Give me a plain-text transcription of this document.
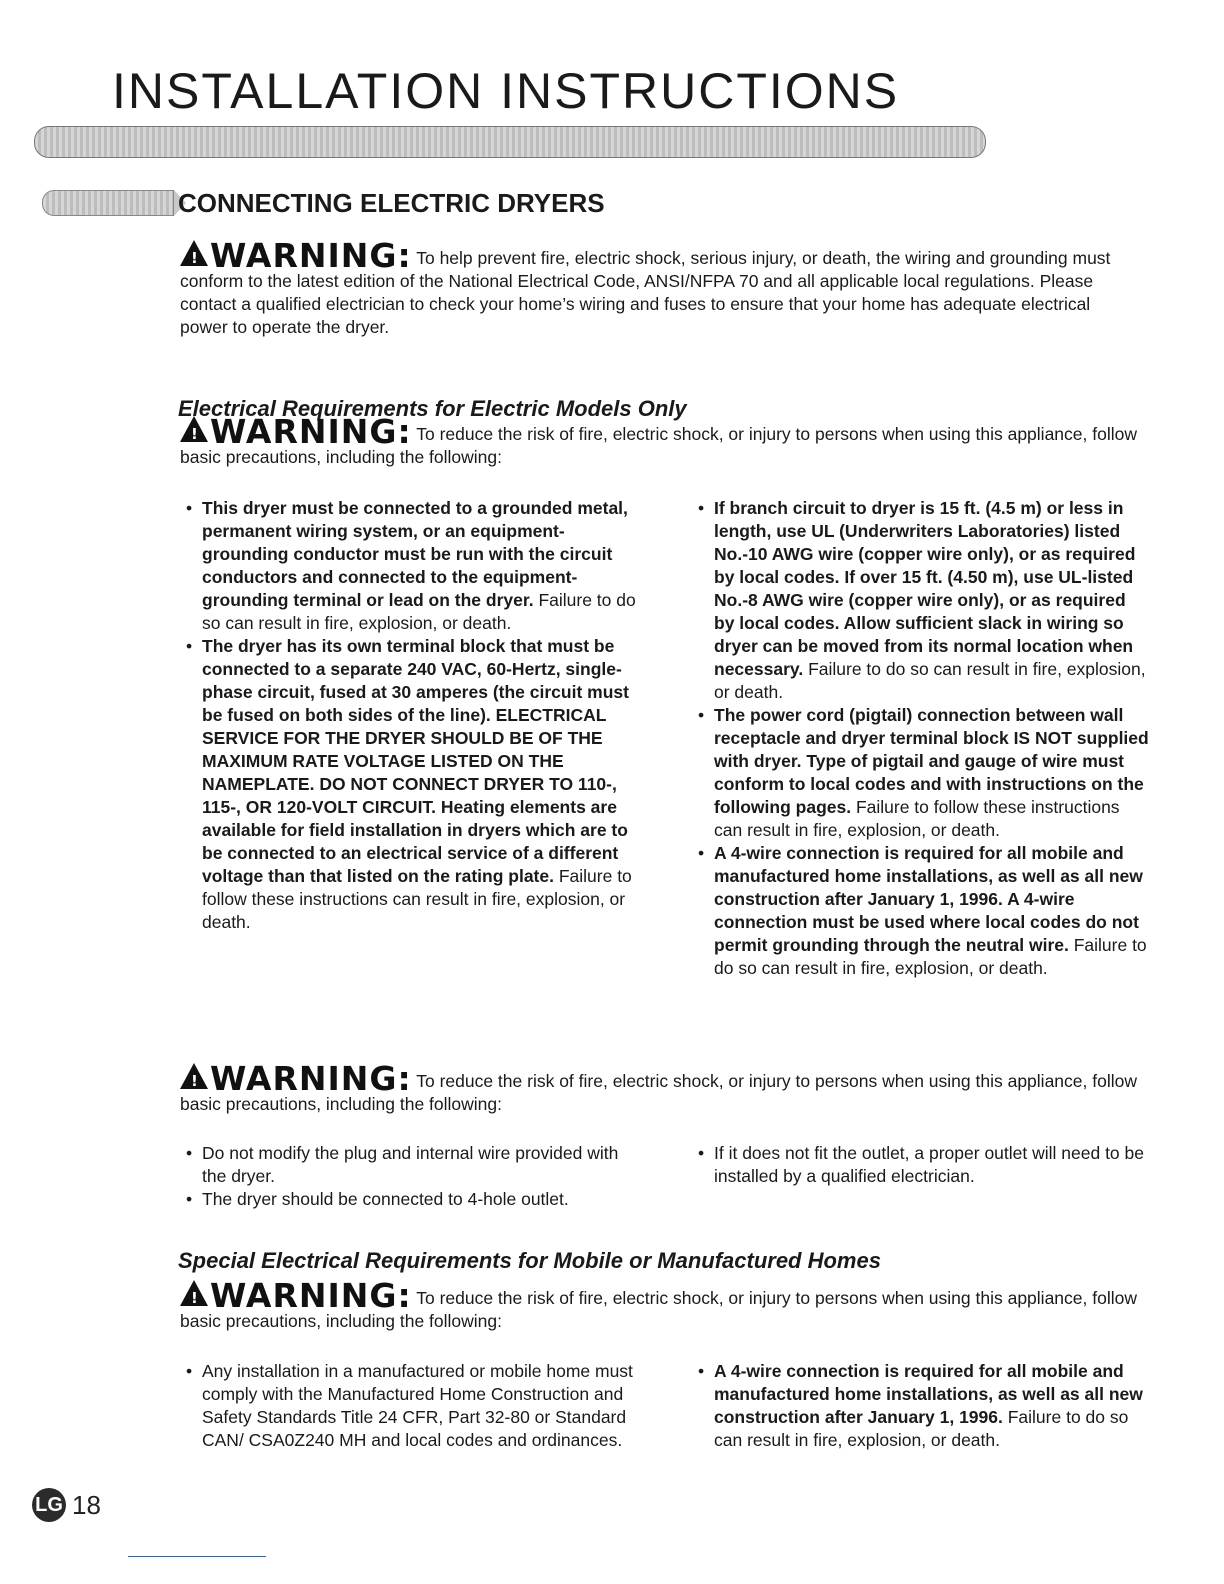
INSTALLATION INSTRUCTIONS
CONNECTING ELECTRIC DRYERS
!WARNING: To help prevent fire, electric shock, serious injury, or death, the wiring and grounding must conform to the latest edition of the National Electrical Code, ANSI/NFPA 70 and all applicable local regulations. Please contact a qualified electrician to check your home’s wiring and fuses to ensure that your home has adequate electrical power to operate the dryer.
Electrical Requirements for Electric Models Only
!WARNING: To reduce the risk of fire, electric shock, or injury to persons when using this appliance, follow basic precautions, including the following:
• This dryer must be connected to a grounded metal, permanent wiring system, or an equipment-grounding conductor must be run with the circuit conductors and connected to the equipment-grounding terminal or lead on the dryer. Failure to do so can result in fire, explosion, or death.
• The dryer has its own terminal block that must be connected to a separate 240 VAC, 60-Hertz, single-phase circuit, fused at 30 amperes (the circuit must be fused on both sides of the line). ELECTRICAL SERVICE FOR THE DRYER SHOULD BE OF THE MAXIMUM RATE VOLTAGE LISTED ON THE NAMEPLATE. DO NOT CONNECT DRYER TO 110-, 115-, OR 120-VOLT CIRCUIT. Heating elements are available for field installation in dryers which are to be connected to an electrical service of a different voltage than that listed on the rating plate. Failure to follow these instructions can result in fire, explosion, or death.
• If branch circuit to dryer is 15 ft. (4.5 m) or less in length, use UL (Underwriters Laboratories) listed No.-10 AWG wire (copper wire only), or as required by local codes. If over 15 ft. (4.50 m), use UL-listed No.-8 AWG wire (copper wire only), or as required by local codes. Allow sufficient slack in wiring so dryer can be moved from its normal location when necessary. Failure to do so can result in fire, explosion, or death.
• The power cord (pigtail) connection between wall receptacle and dryer terminal block IS NOT supplied with dryer. Type of pigtail and gauge of wire must conform to local codes and with instructions on the following pages. Failure to follow these instructions can result in fire, explosion, or death.
• A 4-wire connection is required for all mobile and manufactured home installations, as well as all new construction after January 1, 1996. A 4-wire connection must be used where local codes do not permit grounding through the neutral wire. Failure to do so can result in fire, explosion, or death.
!WARNING: To reduce the risk of fire, electric shock, or injury to persons when using this appliance, follow basic precautions, including the following:
• Do not modify the plug and internal wire provided with the dryer.
• The dryer should be connected to 4-hole outlet.
• If it does not fit the outlet, a proper outlet will need to be installed by a qualified electrician.
Special Electrical Requirements for Mobile or Manufactured Homes
!WARNING: To reduce the risk of fire, electric shock, or injury to persons when using this appliance, follow basic precautions, including the following:
• Any installation in a manufactured or mobile home must comply with the Manufactured Home Construction and Safety Standards Title 24 CFR, Part 32-80 or Standard CAN/ CSA0Z240 MH and local codes and ordinances.
• A 4-wire connection is required for all mobile and manufactured home installations, as well as all new construction after January 1, 1996. Failure to do so can result in fire, explosion, or death.
LG 18
